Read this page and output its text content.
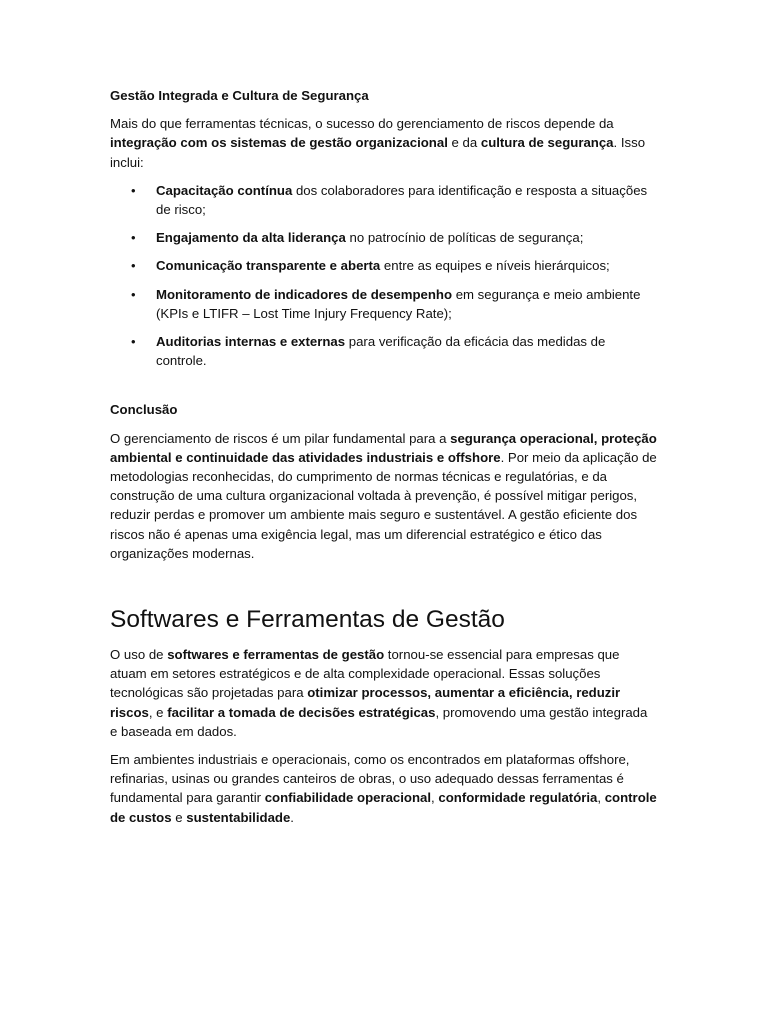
Gestão Integrada e Cultura de Segurança

Mais do que ferramentas técnicas, o sucesso do gerenciamento de riscos depende da integração com os sistemas de gestão organizacional e da cultura de segurança. Isso inclui:

• Capacitação contínua dos colaboradores para identificação e resposta a situações de risco;
• Engajamento da alta liderança no patrocínio de políticas de segurança;
• Comunicação transparente e aberta entre as equipes e níveis hierárquicos;
• Monitoramento de indicadores de desempenho em segurança e meio ambiente (KPIs e LTIFR – Lost Time Injury Frequency Rate);
• Auditorias internas e externas para verificação da eficácia das medidas de controle.

Conclusão

O gerenciamento de riscos é um pilar fundamental para a segurança operacional, proteção ambiental e continuidade das atividades industriais e offshore. Por meio da aplicação de metodologias reconhecidas, do cumprimento de normas técnicas e regulatórias, e da construção de uma cultura organizacional voltada à prevenção, é possível mitigar perigos, reduzir perdas e promover um ambiente mais seguro e sustentável. A gestão eficiente dos riscos não é apenas uma exigência legal, mas um diferencial estratégico e ético das organizações modernas.

Softwares e Ferramentas de Gestão

O uso de softwares e ferramentas de gestão tornou-se essencial para empresas que atuam em setores estratégicos e de alta complexidade operacional. Essas soluções tecnológicas são projetadas para otimizar processos, aumentar a eficiência, reduzir riscos, e facilitar a tomada de decisões estratégicas, promovendo uma gestão integrada e baseada em dados.

Em ambientes industriais e operacionais, como os encontrados em plataformas offshore, refinarias, usinas ou grandes canteiros de obras, o uso adequado dessas ferramentas é fundamental para garantir confiabilidade operacional, conformidade regulatória, controle de custos e sustentabilidade.
